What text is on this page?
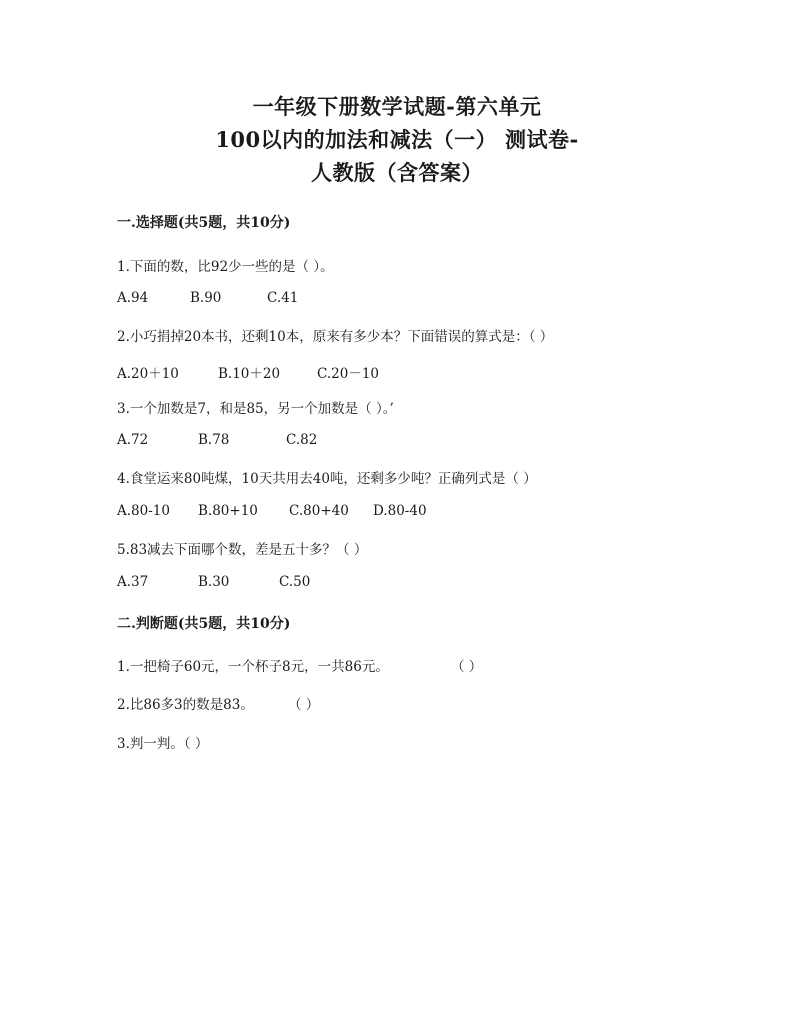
一年级下册数学试题-第六单元
100以内的加法和减法（一） 测试卷-
人教版（含答案）
一.选择题(共5题，共10分)
1.下面的数，比92少一些的是（ ）。
A.94	B.90	C.41
2.小巧捐掉20本书，还剩10本，原来有多少本？下面错误的算式是：（ ）
A.20＋10	B.10＋20	C.20－10
3.一个加数是7，和是85，另一个加数是（ ）。’
A.72	B.78	C.82
4.食堂运来80吨煤，10天共用去40吨，还剩多少吨？正确列式是（ ）
A.80-10 B.80+10 C.80+40 D.80-40
5.83减去下面哪个数，差是五十多？（ ）
A.37	B.30	C.50
二.判断题(共5题，共10分)
1.一把椅子60元，一个杯子8元，一共86元。	（ ）
2.比86多3的数是83。	（ ）
3.判一判。（ ）
